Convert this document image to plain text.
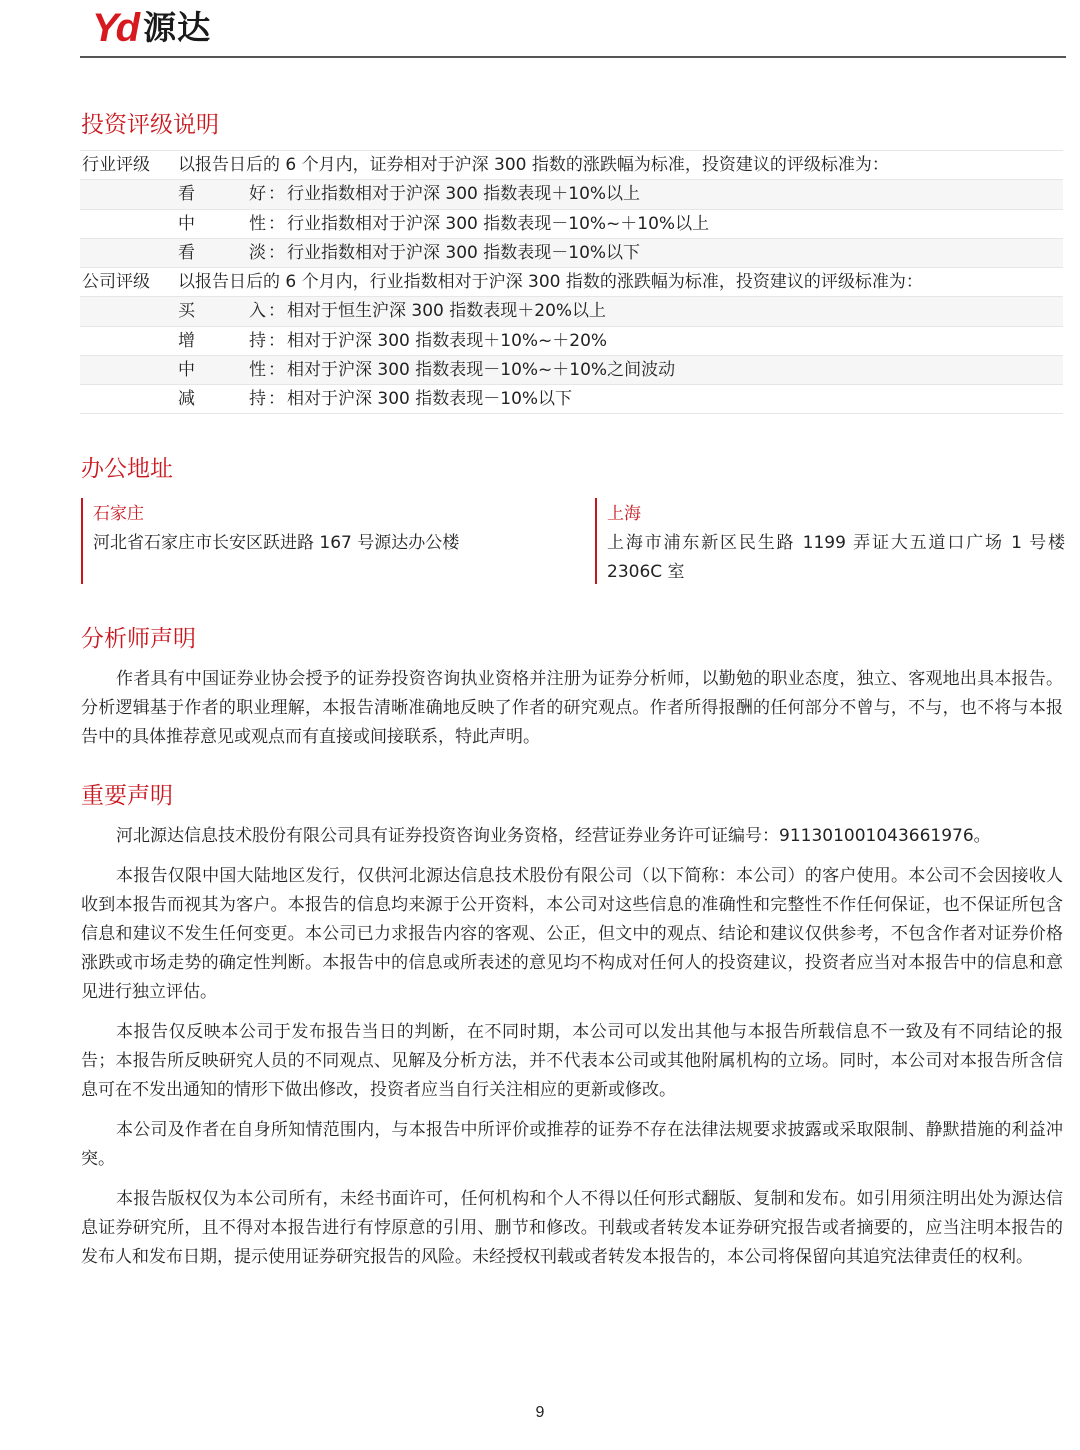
Yd 源达
投资评级说明
行业评级 以报告日后的 6 个月内，证券相对于沪深 300 指数的涨跌幅为标准，投资建议的评级标准为：
看好 ： 行业指数相对于沪深 300 指数表现＋10%以上
中性 ： 行业指数相对于沪深 300 指数表现－10%~＋10%以上
看淡 ： 行业指数相对于沪深 300 指数表现－10%以下
公司评级 以报告日后的 6 个月内，行业指数相对于沪深 300 指数的涨跌幅为标准，投资建议的评级标准为：
买入 ： 相对于恒生沪深 300 指数表现＋20%以上
增持 ： 相对于沪深 300 指数表现＋10%~＋20%
中性 ： 相对于沪深 300 指数表现－10%~＋10%之间波动
减持 ： 相对于沪深 300 指数表现－10%以下
办公地址
石家庄
河北省石家庄市长安区跃进路 167 号源达办公楼
上海
上海市浦东新区民生路 1199 弄证大五道口广场 1 号楼 2306C 室
分析师声明
作者具有中国证券业协会授予的证券投资咨询执业资格并注册为证券分析师，以勤勉的职业态度，独立、客观地出具本报告。分析逻辑基于作者的职业理解，本报告清晰准确地反映了作者的研究观点。作者所得报酬的任何部分不曾与，不与，也不将与本报告中的具体推荐意见或观点而有直接或间接联系，特此声明。
重要声明
河北源达信息技术股份有限公司具有证券投资咨询业务资格，经营证券业务许可证编号：911301001043661976。
本报告仅限中国大陆地区发行，仅供河北源达信息技术股份有限公司（以下简称：本公司）的客户使用。本公司不会因接收人收到本报告而视其为客户。本报告的信息均来源于公开资料，本公司对这些信息的准确性和完整性不作任何保证，也不保证所包含信息和建议不发生任何变更。本公司已力求报告内容的客观、公正，但文中的观点、结论和建议仅供参考，不包含作者对证券价格涨跌或市场走势的确定性判断。本报告中的信息或所表述的意见均不构成对任何人的投资建议，投资者应当对本报告中的信息和意见进行独立评估。
本报告仅反映本公司于发布报告当日的判断，在不同时期，本公司可以发出其他与本报告所载信息不一致及有不同结论的报告；本报告所反映研究人员的不同观点、见解及分析方法，并不代表本公司或其他附属机构的立场。同时，本公司对本报告所含信息可在不发出通知的情形下做出修改，投资者应当自行关注相应的更新或修改。
本公司及作者在自身所知情范围内，与本报告中所评价或推荐的证券不存在法律法规要求披露或采取限制、静默措施的利益冲突。
本报告版权仅为本公司所有，未经书面许可，任何机构和个人不得以任何形式翻版、复制和发布。如引用须注明出处为源达信息证券研究所，且不得对本报告进行有悖原意的引用、删节和修改。刊载或者转发本证券研究报告或者摘要的，应当注明本报告的发布人和发布日期，提示使用证券研究报告的风险。未经授权刊载或者转发本报告的，本公司将保留向其追究法律责任的权利。
9
